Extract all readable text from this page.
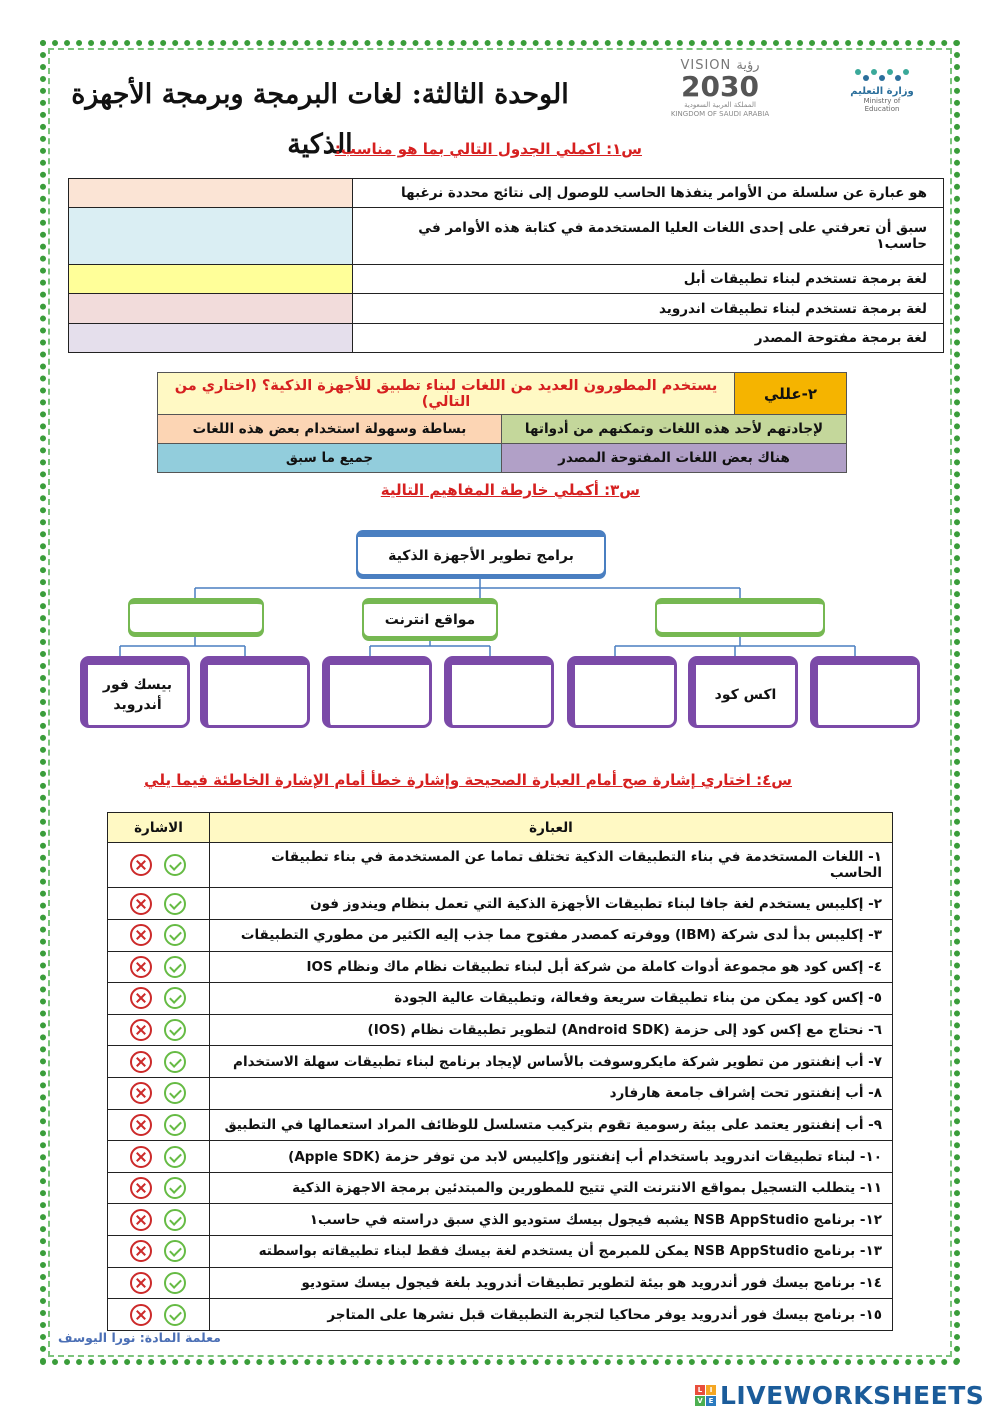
الوحدة الثالثة: لغات البرمجة وبرمجة الأجهزة الذكية
VISION رؤية
2030
المملكة العربية السعودية
KINGDOM OF SAUDI ARABIA
وزارة التعليم
Ministry of Education
س١: اكملي الجدول التالي بما هو مناسب:
هو عبارة عن سلسلة من الأوامر ينفذها الحاسب للوصول إلى نتائج محددة نرغبها	
سبق أن تعرفتي على إحدى اللغات العليا المستخدمة في كتابة هذه الأوامر في حاسب١	
لغة برمجة تستخدم لبناء تطبيقات أبل	
لغة برمجة تستخدم لبناء تطبيقات اندرويد	
لغة برمجة مفتوحة المصدر	
٢-عللي	يستخدم المطورون العديد من اللغات لبناء تطبيق للأجهزة الذكية؟ (اختاري من التالي)	
لإجادتهم لأحد هذه اللغات وتمكنهم من أدواتها		بساطة وسهولة استخدام بعض هذه اللغات
هناك بعض اللغات المفتوحة المصدر		جميع ما سبق
س٣: أكملي خارطة المفاهيم التالية
برامج تطوير الأجهزة الذكية
مواقع انترنت
بيسك فور أندرويد
اكس كود
س٤: اختاري إشارة صح أمام العبارة الصحيحة وإشارة خطأ أمام الإشارة الخاطئة فيما يلي
العبارة	الاشارة
١- اللغات المستخدمة في بناء التطبيقات الذكية تختلف تماما عن المستخدمة في بناء تطبيقات الحاسب	
٢- إكليبس يستخدم لغة جافا لبناء تطبيقات الأجهزة الذكية التي تعمل بنظام ويندوز فون	
٣- إكليبس بدأ لدى شركة (IBM) ووفرته كمصدر مفتوح مما جذب إليه الكثير من مطوري التطبيقات	
٤- إكس كود هو مجموعة أدوات كاملة من شركة أبل لبناء تطبيقات نظام ماك ونظام IOS	
٥- إكس كود يمكن من بناء تطبيقات سريعة وفعالة، وتطبيقات عالية الجودة	
٦- نحتاج مع إكس كود إلى حزمة (Android SDK) لتطوير تطبيقات نظام (IOS)	
٧- أب إنفنتور من تطوير شركة مايكروسوفت بالأساس لإيجاد برنامج لبناء تطبيقات سهلة الاستخدام	
٨- أب إنفنتور تحت إشراف جامعة هارفارد	
٩- أب إنفنتور يعتمد على بيئة رسومية تقوم بتركيب متسلسل للوظائف المراد استعمالها في التطبيق	
١٠- لبناء تطبيقات اندرويد باستخدام أب إنفنتور وإكليبس لابد من توفر حزمة (Apple SDK)	
١١- يتطلب التسجيل بمواقع الانترنت التي تتيح للمطورين والمبتدئين برمجة الاجهزة الذكية	
١٢- برنامج NSB AppStudio يشبه فيجول بيسك ستوديو الذي سبق دراسته في حاسب١	
١٣- برنامج NSB AppStudio يمكن للمبرمج أن يستخدم لغة بيسك فقط لبناء تطبيقاته بواسطته	
١٤- برنامج بيسك فور أندرويد هو بيئة لتطوير تطبيقات أندرويد بلغة فيجول بيسك ستوديو	
١٥- برنامج بيسك فور أندرويد يوفر محاكيا لتجربة التطبيقات قبل نشرها على المتاجر	
معلمة المادة: نورا اليوسف
L	I
V E LIVEWORKSHEETS
